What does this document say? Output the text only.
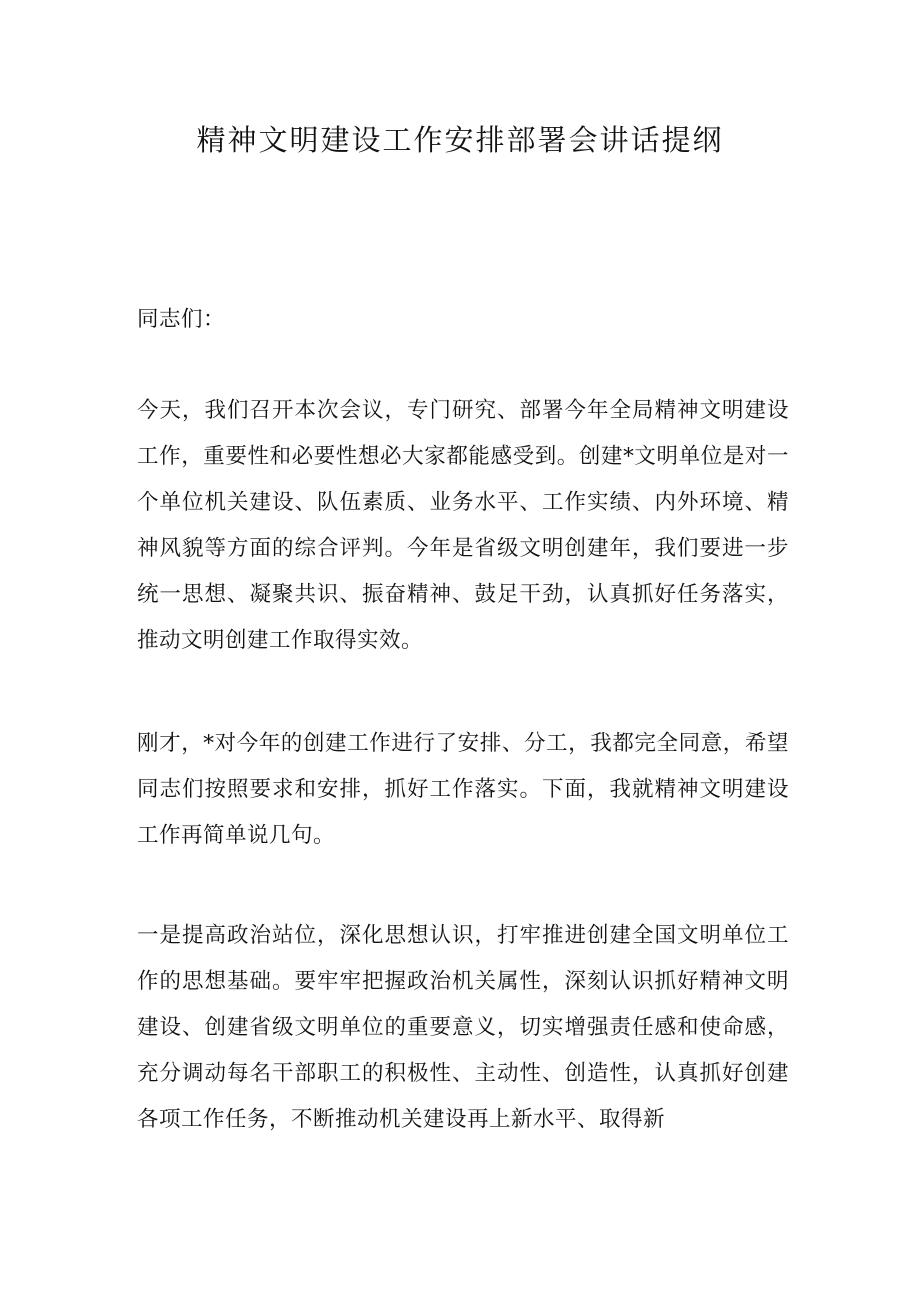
精神文明建设工作安排部署会讲话提纲

同志们：

今天，我们召开本次会议，专门研究、部署今年全局精神文明建设工作，重要性和必要性想必大家都能感受到。创建*文明单位是对一个单位机关建设、队伍素质、业务水平、工作实绩、内外环境、精神风貌等方面的综合评判。今年是省级文明创建年，我们要进一步统一思想、凝聚共识、振奋精神、鼓足干劲，认真抓好任务落实，推动文明创建工作取得实效。

刚才，*对今年的创建工作进行了安排、分工，我都完全同意，希望同志们按照要求和安排，抓好工作落实。下面，我就精神文明建设工作再简单说几句。

一是提高政治站位，深化思想认识，打牢推进创建全国文明单位工作的思想基础。要牢牢把握政治机关属性，深刻认识抓好精神文明建设、创建省级文明单位的重要意义，切实增强责任感和使命感，充分调动每名干部职工的积极性、主动性、创造性，认真抓好创建各项工作任务，不断推动机关建设再上新水平、取得新
